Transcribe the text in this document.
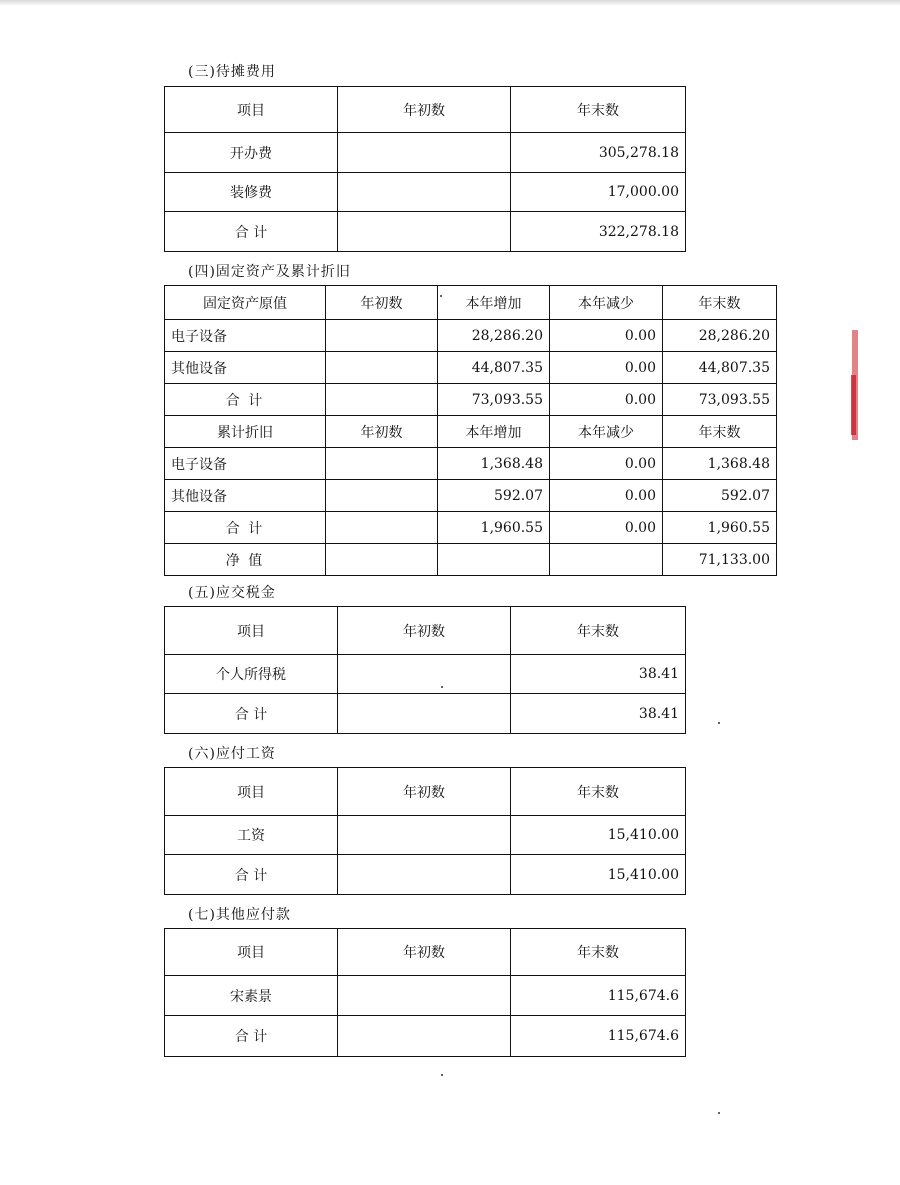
(三)待摊费用
项目	年初数	年末数
开办费		305,278.18
装修费		17,000.00
合 计		322,278.18
(四)固定资产及累计折旧
固定资产原值	年初数	本年增加	本年减少	年末数
电子设备		28,286.20	0.00	28,286.20
其他设备		44,807.35	0.00	44,807.35
合 计		73,093.55	0.00	73,093.55
累计折旧	年初数	本年增加	本年减少	年末数
电子设备		1,368.48	0.00	1,368.48
其他设备		592.07	0.00	592.07
合 计		1,960.55	0.00	1,960.55
净 值				71,133.00
(五)应交税金
项目	年初数	年末数
个人所得税		38.41
合 计		38.41
(六)应付工资
项目	年初数	年末数
工资		15,410.00
合 计		15,410.00
(七)其他应付款
项目	年初数	年末数
宋素景		115,674.6
合 计		115,674.6
